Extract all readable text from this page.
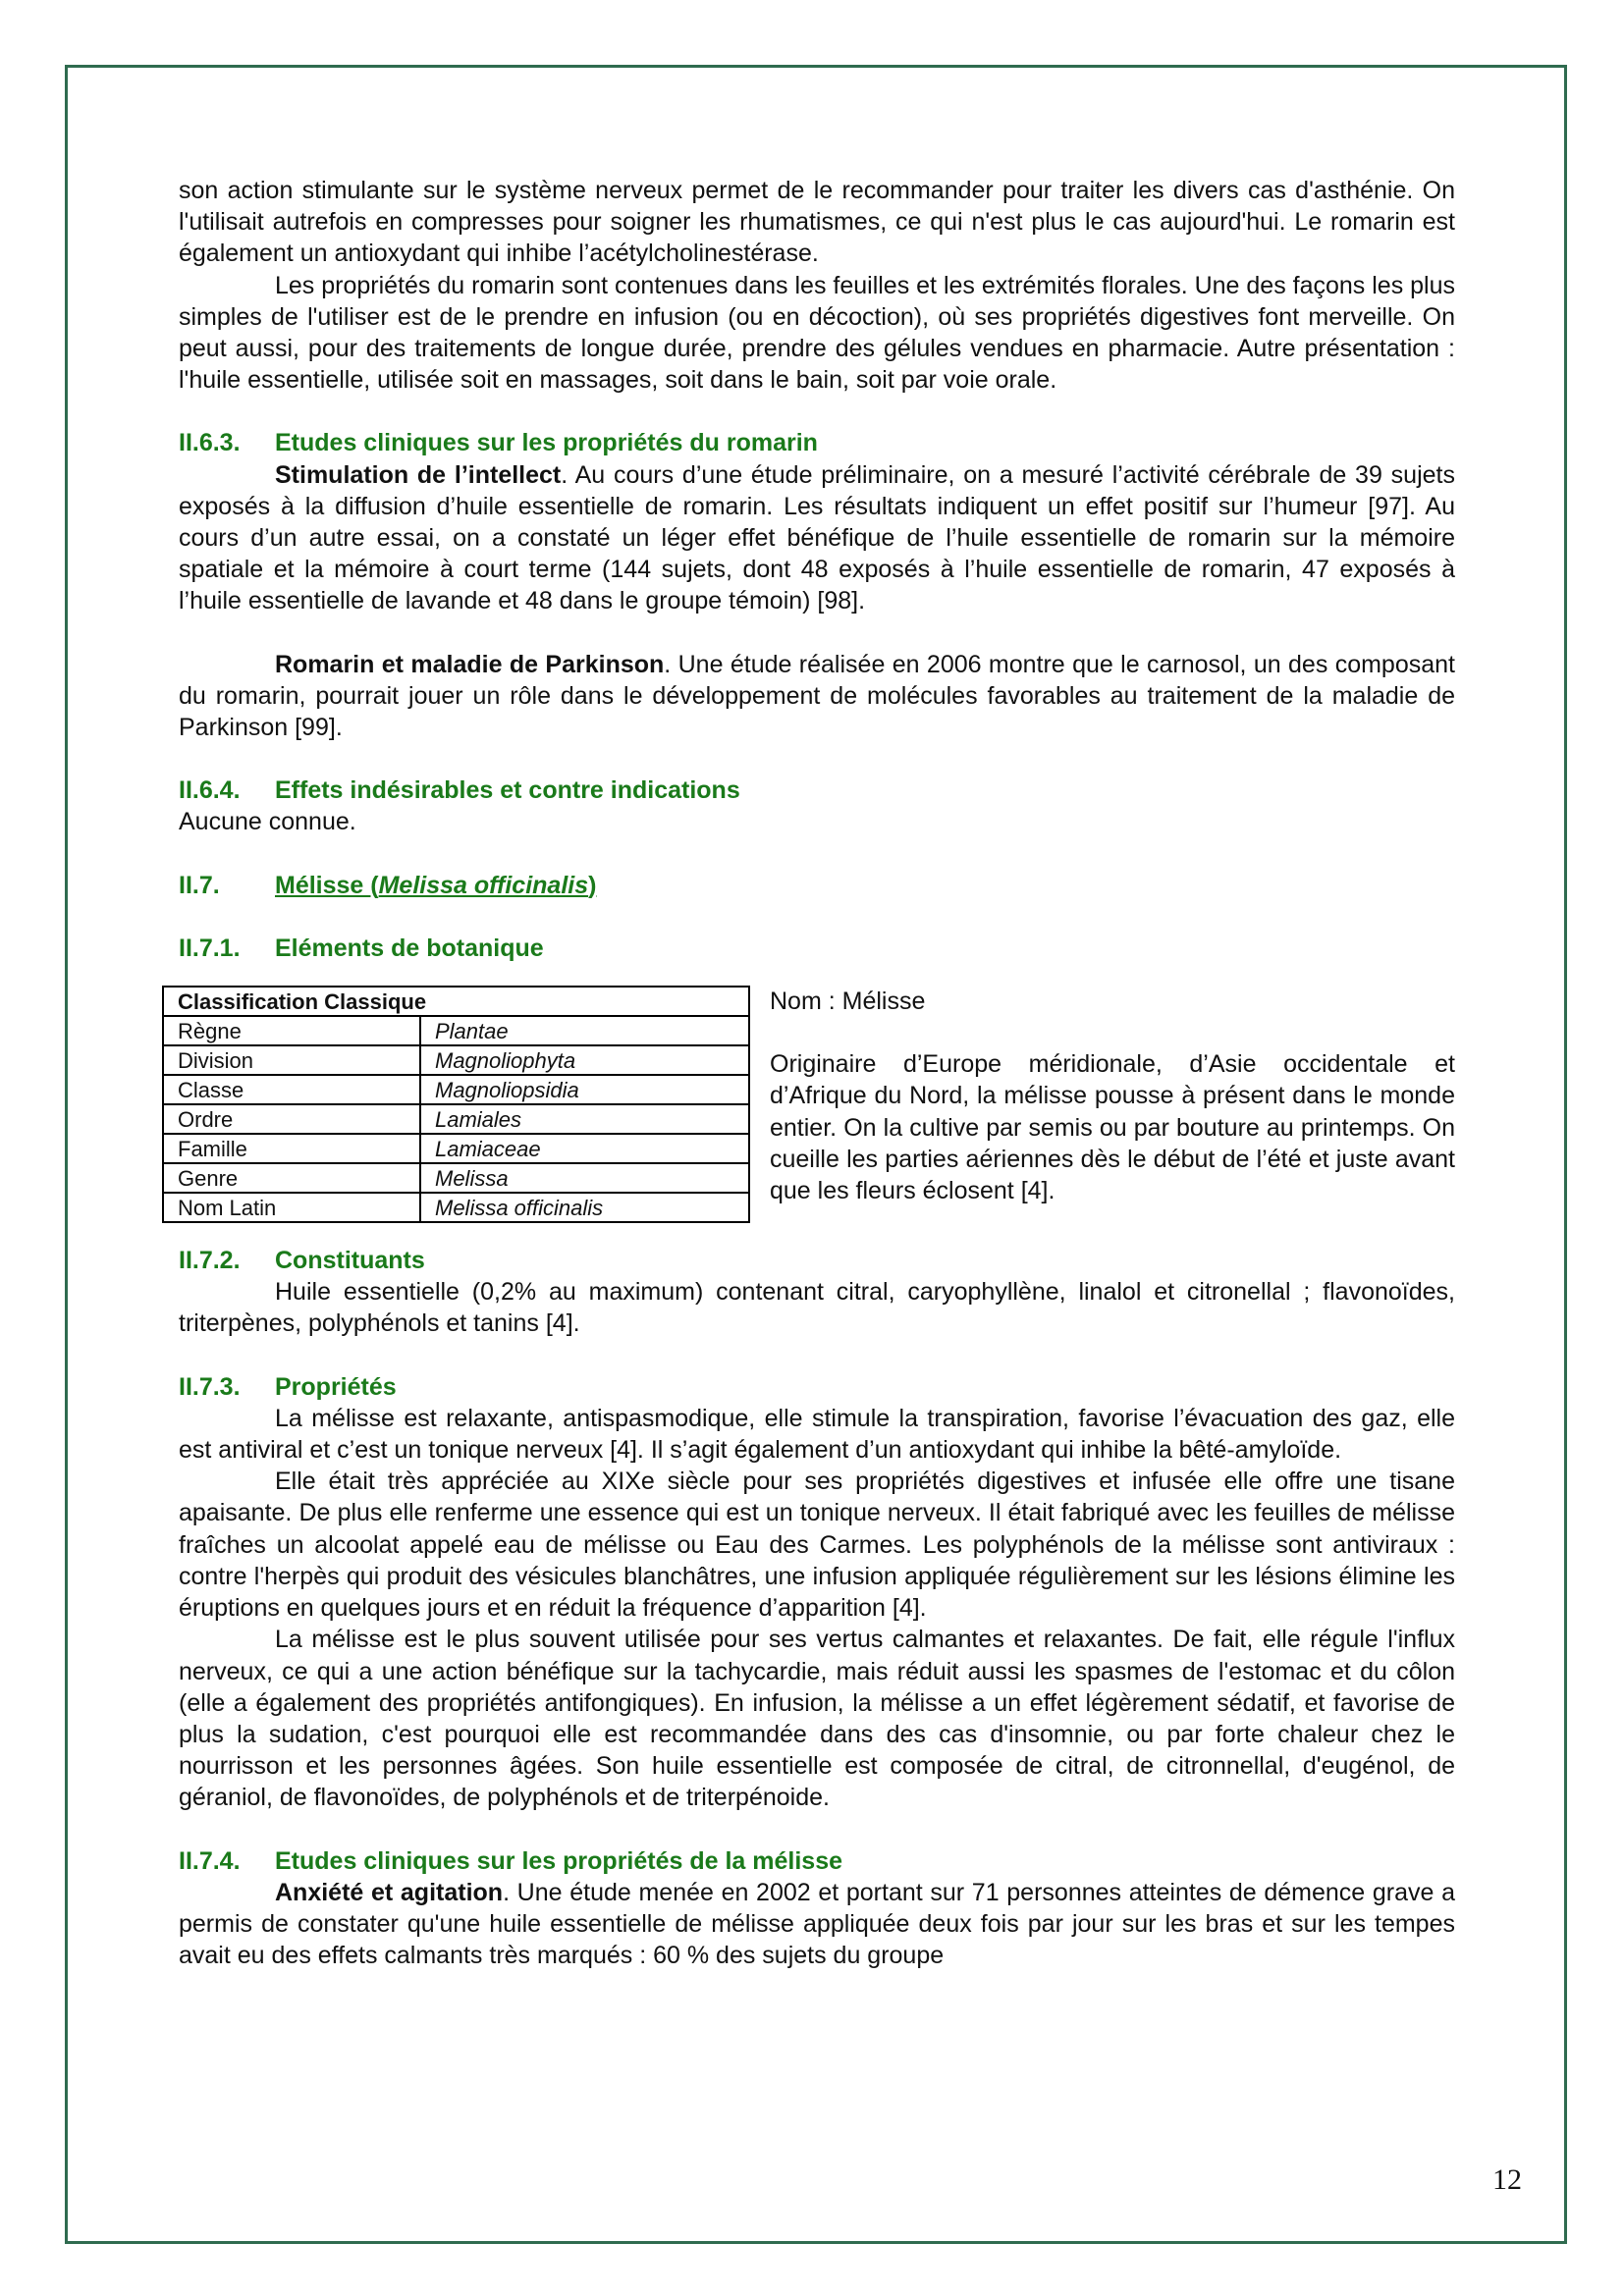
son action stimulante sur le système nerveux permet de le recommander pour traiter les divers cas d'asthénie. On l'utilisait autrefois en compresses pour soigner les rhumatismes, ce qui n'est plus le cas aujourd'hui. Le romarin est également un antioxydant qui inhibe l’acétylcholinestérase.

Les propriétés du romarin sont contenues dans les feuilles et les extrémités florales. Une des façons les plus simples de l'utiliser est de le prendre en infusion (ou en décoction), où ses propriétés digestives font merveille. On peut aussi, pour des traitements de longue durée, prendre des gélules vendues en pharmacie. Autre présentation : l'huile essentielle, utilisée soit en massages, soit dans le bain, soit par voie orale.

II.6.3. Etudes cliniques sur les propriétés du romarin

Stimulation de l’intellect. Au cours d’une étude préliminaire, on a mesuré l’activité cérébrale de 39 sujets exposés à la diffusion d’huile essentielle de romarin. Les résultats indiquent un effet positif sur l’humeur [97]. Au cours d’un autre essai, on a constaté un léger effet bénéfique de l’huile essentielle de romarin sur la mémoire spatiale et la mémoire à court terme (144 sujets, dont 48 exposés à l’huile essentielle de romarin, 47 exposés à l’huile essentielle de lavande et 48 dans le groupe témoin) [98].

Romarin et maladie de Parkinson. Une étude réalisée en 2006 montre que le carnosol, un des composant du romarin, pourrait jouer un rôle dans le développement de molécules favorables au traitement de la maladie de Parkinson [99].

II.6.4. Effets indésirables et contre indications

Aucune connue.

II.7. Mélisse (Melissa officinalis)
II.7.1. Eléments de botanique
Classification Classique	
Règne	Plantae
Division	Magnoliophyta
Classe	Magnoliopsidia
Ordre	Lamiales
Famille	Lamiaceae
Genre	Melissa
Nom Latin	Melissa officinalis

Nom : Mélisse

Originaire d’Europe méridionale, d’Asie occidentale et d’Afrique du Nord, la mélisse pousse à présent dans le monde entier. On la cultive par semis ou par bouture au printemps. On cueille les parties aériennes dès le début de l’été et juste avant que les fleurs éclosent [4].

II.7.2. Constituants

Huile essentielle (0,2% au maximum) contenant citral, caryophyllène, linalol et citronellal ; flavonoïdes, triterpènes, polyphénols et tanins [4].

II.7.3. Propriétés

La mélisse est relaxante, antispasmodique, elle stimule la transpiration, favorise l’évacuation des gaz, elle est antiviral et c’est un tonique nerveux [4]. Il s’agit également d’un antioxydant qui inhibe la bêté-amyloïde.

Elle était très appréciée au XIXe siècle pour ses propriétés digestives et infusée elle offre une tisane apaisante. De plus elle renferme une essence qui est un tonique nerveux. Il était fabriqué avec les feuilles de mélisse fraîches un alcoolat appelé eau de mélisse ou Eau des Carmes. Les polyphénols de la mélisse sont antiviraux : contre l'herpès qui produit des vésicules blanchâtres, une infusion appliquée régulièrement sur les lésions élimine les éruptions en quelques jours et en réduit la fréquence d’apparition [4].

La mélisse est le plus souvent utilisée pour ses vertus calmantes et relaxantes. De fait, elle régule l'influx nerveux, ce qui a une action bénéfique sur la tachycardie, mais réduit aussi les spasmes de l'estomac et du côlon (elle a également des propriétés antifongiques). En infusion, la mélisse a un effet légèrement sédatif, et favorise de plus la sudation, c'est pourquoi elle est recommandée dans des cas d'insomnie, ou par forte chaleur chez le nourrisson et les personnes âgées. Son huile essentielle est composée de citral, de citronnellal, d'eugénol, de géraniol, de flavonoïdes, de polyphénols et de triterpénoide.

II.7.4. Etudes cliniques sur les propriétés de la mélisse

Anxiété et agitation. Une étude menée en 2002 et portant sur 71 personnes atteintes de démence grave a permis de constater qu'une huile essentielle de mélisse appliquée deux fois par jour sur les bras et sur les tempes avait eu des effets calmants très marqués : 60 % des sujets du groupe

12
